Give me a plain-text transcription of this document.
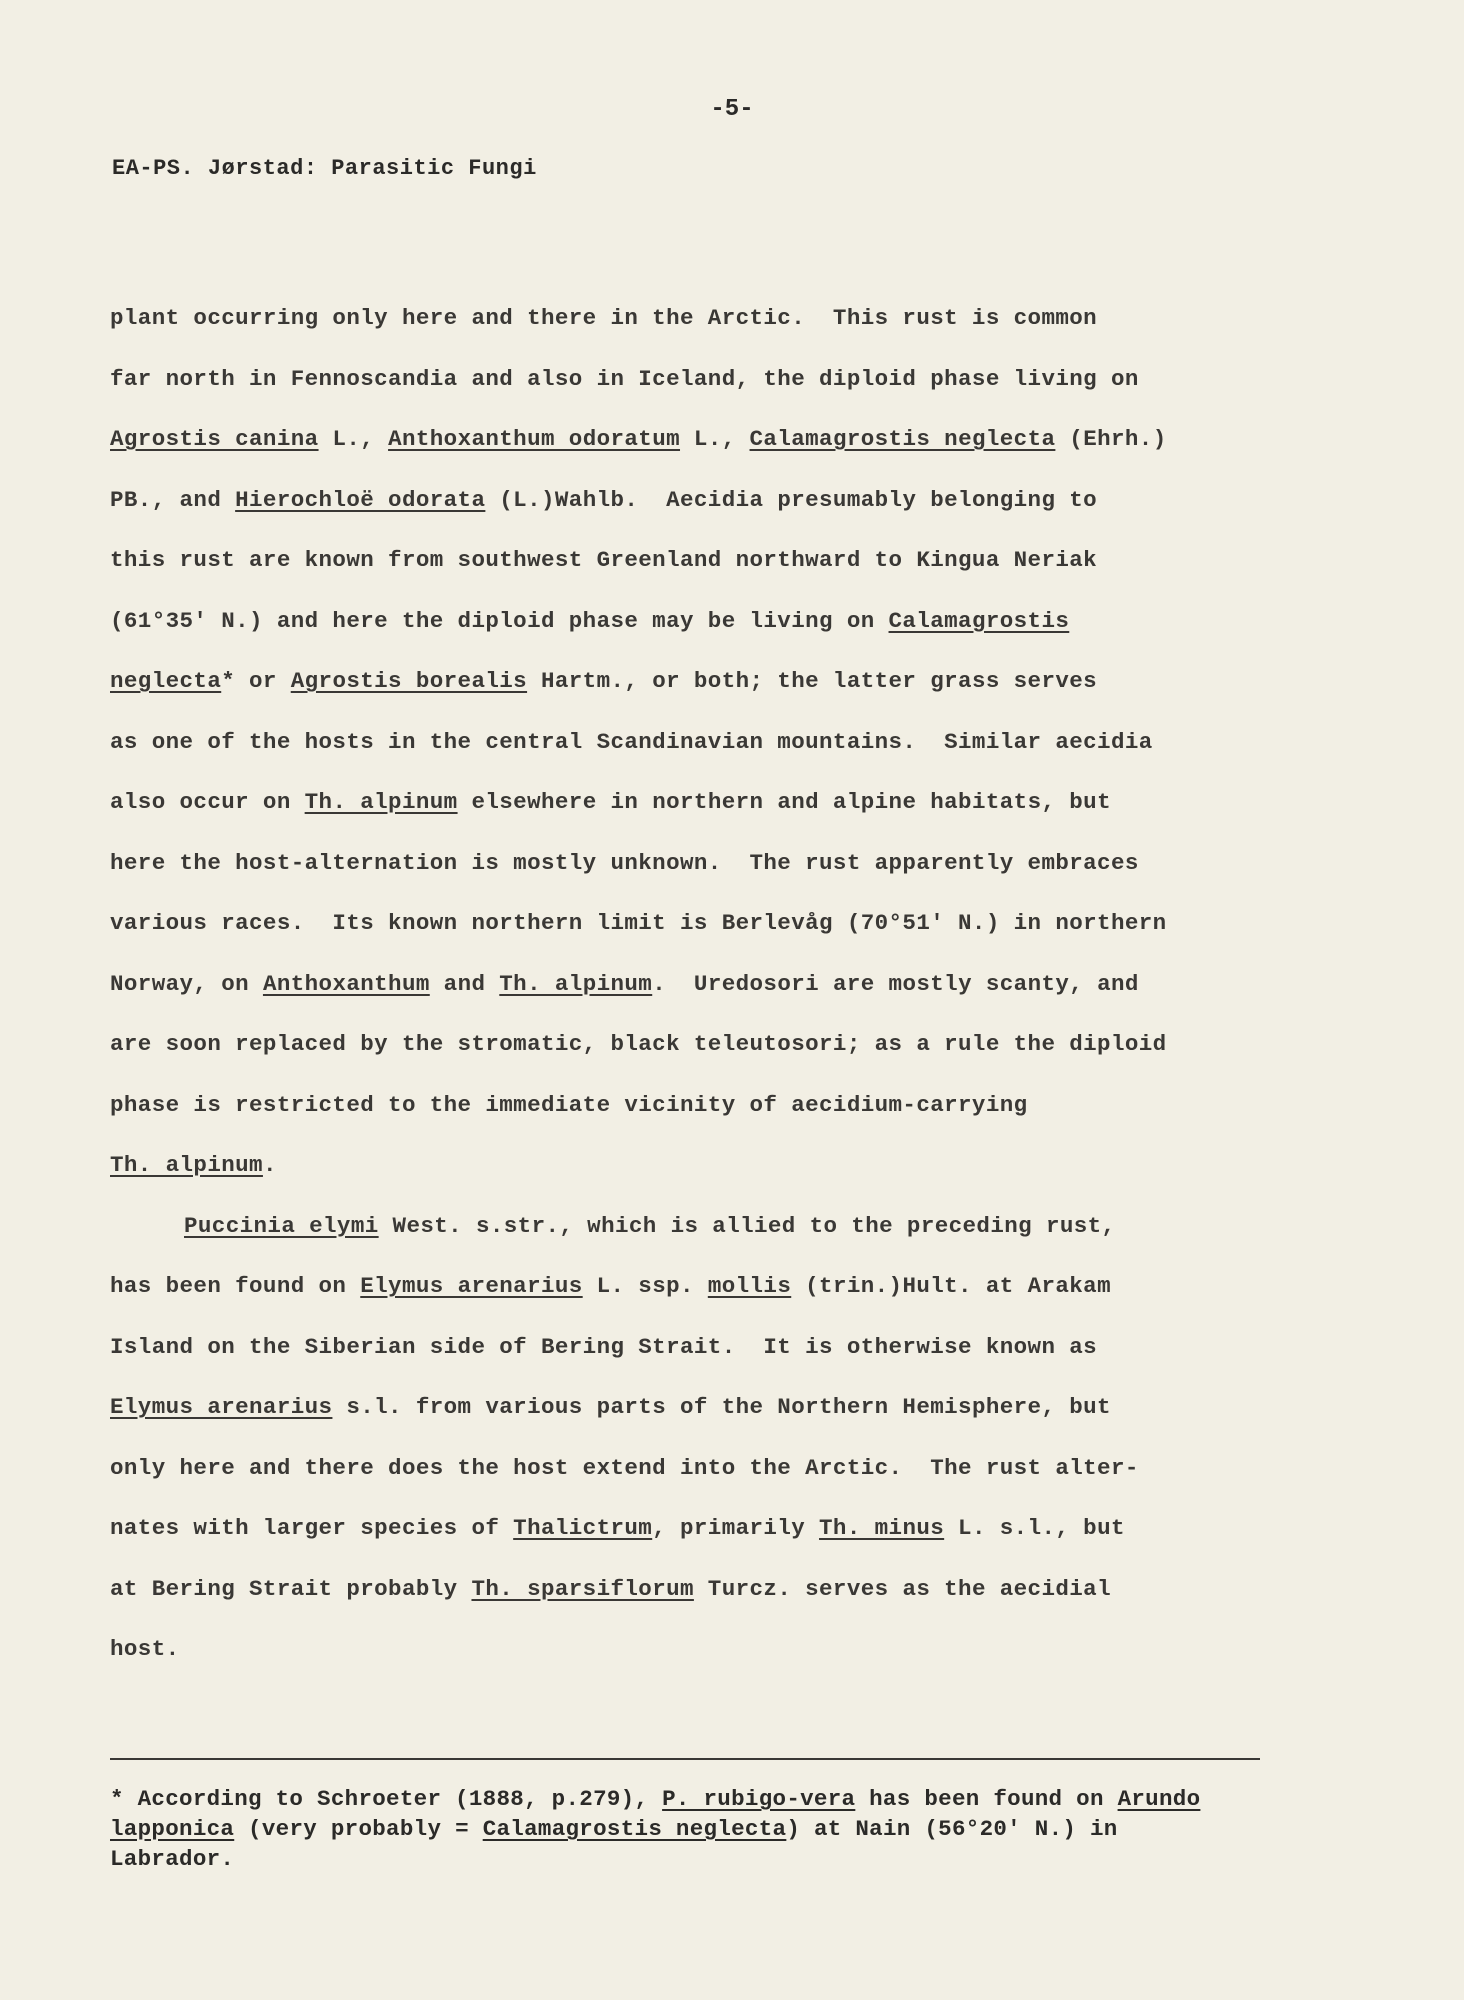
-5-
EA-PS. Jørstad: Parasitic Fungi
plant occurring only here and there in the Arctic.  This rust is common
far north in Fennoscandia and also in Iceland, the diploid phase living on
Agrostis canina L., Anthoxanthum odoratum L., Calamagrostis neglecta (Ehrh.)
PB., and Hierochloë odorata (L.)Wahlb.  Aecidia presumably belonging to
this rust are known from southwest Greenland northward to Kingua Neriak
(61°35' N.) and here the diploid phase may be living on Calamagrostis
neglecta* or Agrostis borealis Hartm., or both; the latter grass serves
as one of the hosts in the central Scandinavian mountains.  Similar aecidia
also occur on Th. alpinum elsewhere in northern and alpine habitats, but
here the host-alternation is mostly unknown.  The rust apparently embraces
various races.  Its known northern limit is Berlevåg (70°51' N.) in northern
Norway, on Anthoxanthum and Th. alpinum.  Uredosori are mostly scanty, and
are soon replaced by the stromatic, black teleutosori; as a rule the diploid
phase is restricted to the immediate vicinity of aecidium-carrying
Th. alpinum.
Puccinia elymi West. s.str., which is allied to the preceding rust,
has been found on Elymus arenarius L. ssp. mollis (trin.)Hult. at Arakam
Island on the Siberian side of Bering Strait.  It is otherwise known as
Elymus arenarius s.l. from various parts of the Northern Hemisphere, but
only here and there does the host extend into the Arctic.  The rust alter-
nates with larger species of Thalictrum, primarily Th. minus L. s.l., but
at Bering Strait probably Th. sparsiflorum Turcz. serves as the aecidial
host.
* According to Schroeter (1888, p.279), P. rubigo-vera has been found on Arundo
lapponica (very probably = Calamagrostis neglecta) at Nain (56°20' N.) in
Labrador.
